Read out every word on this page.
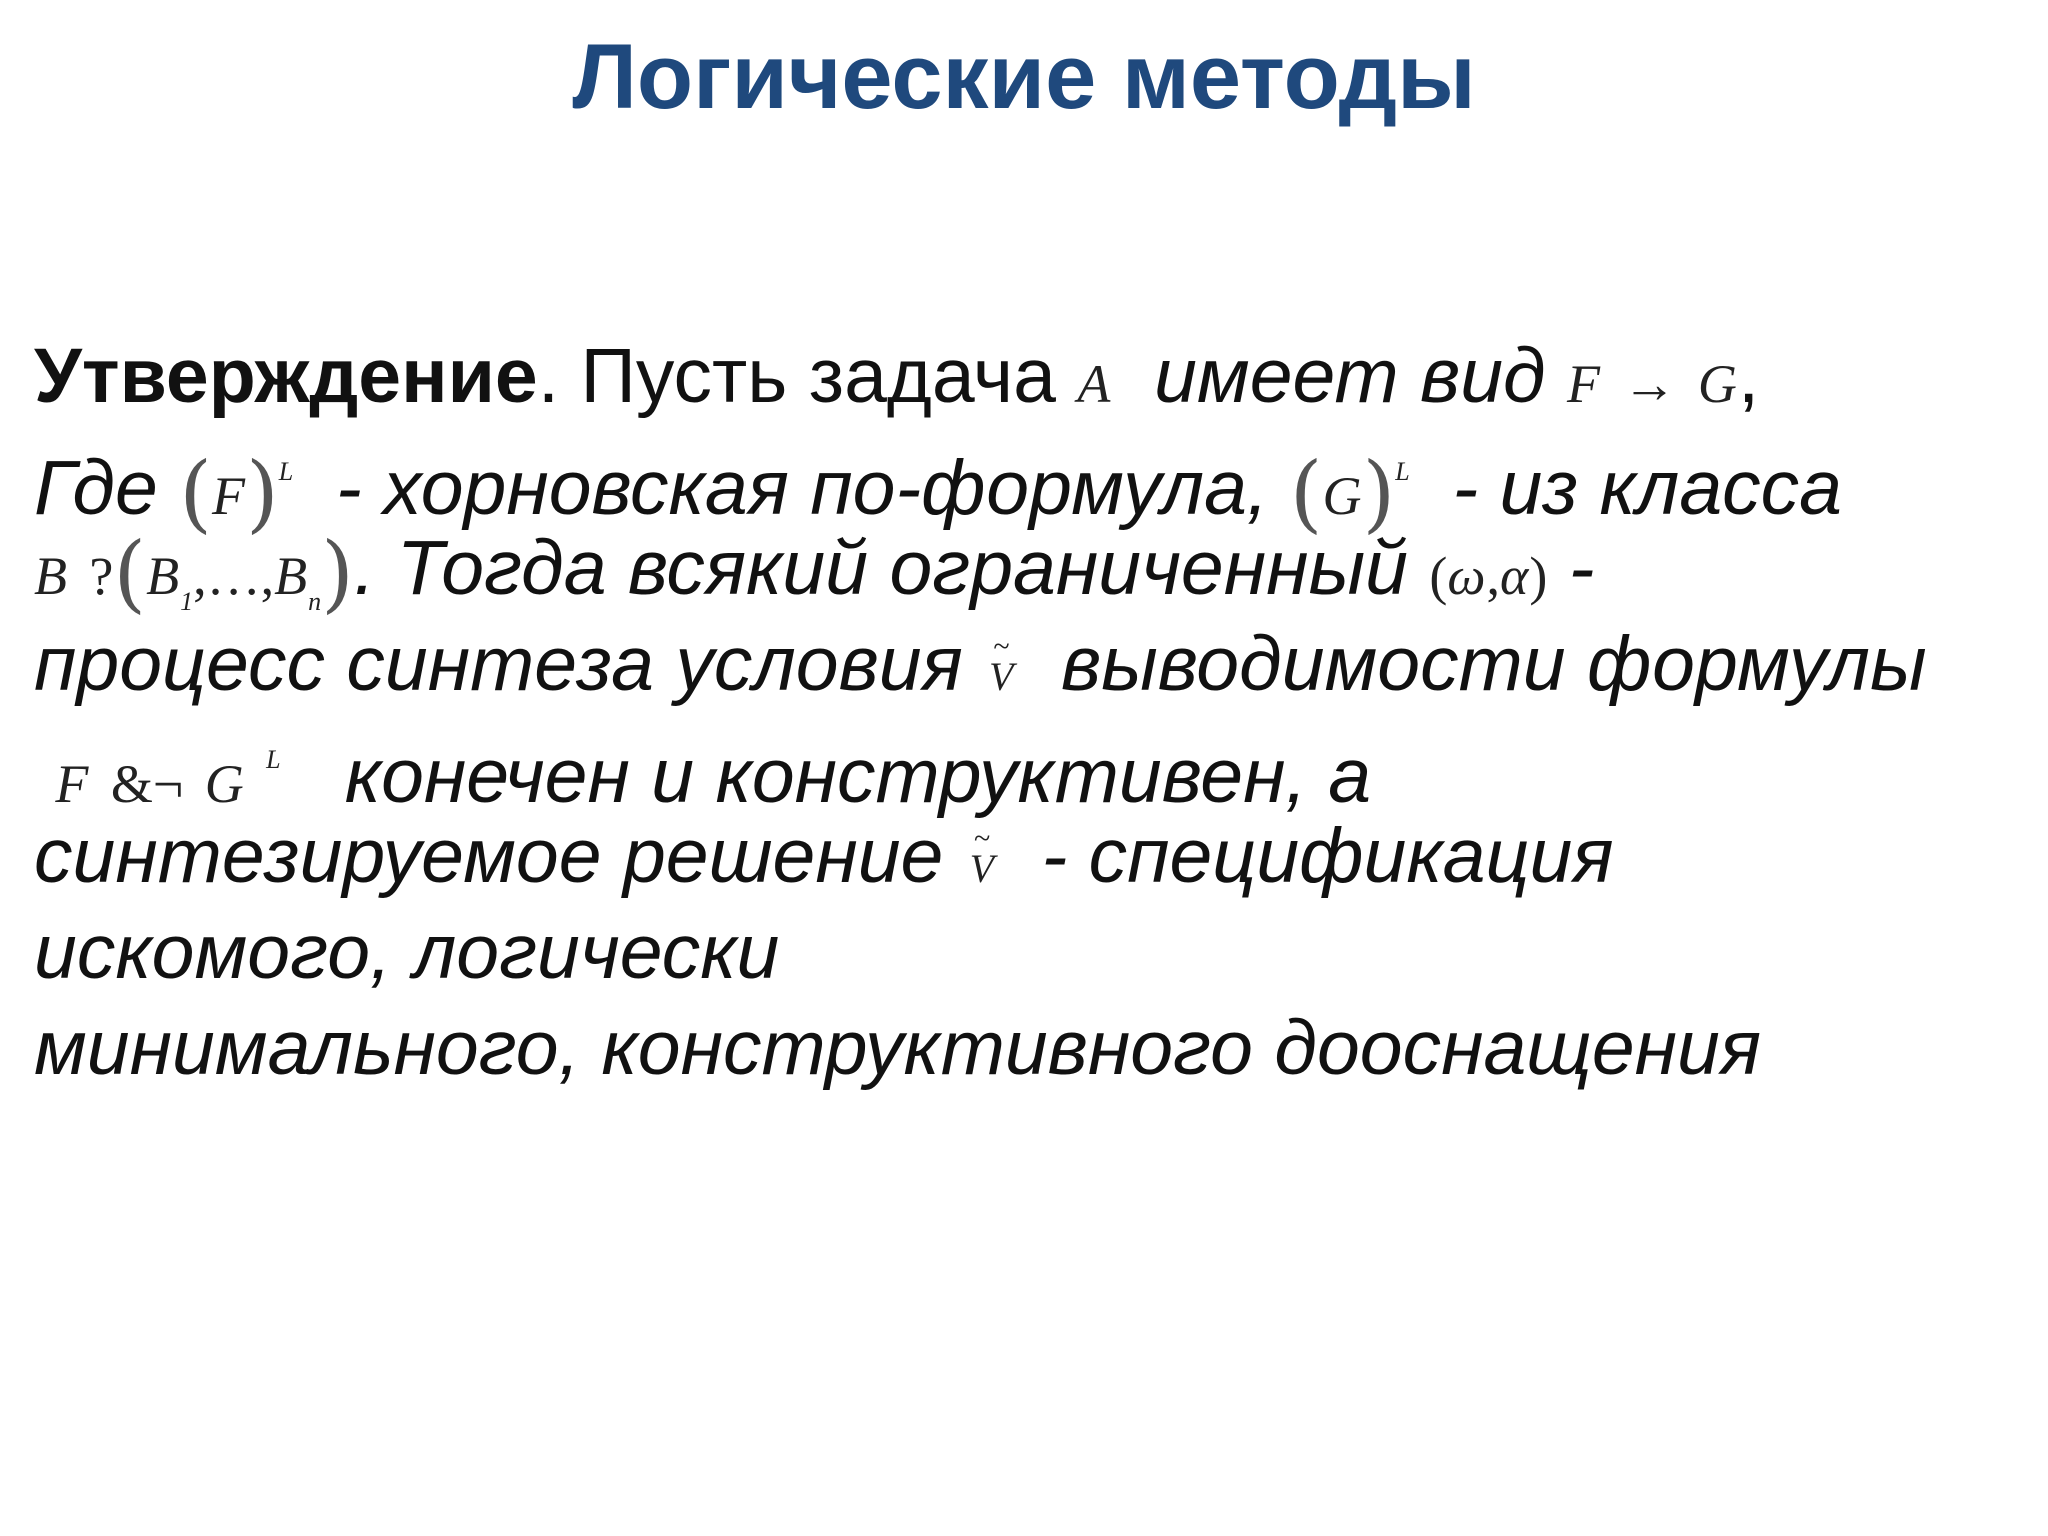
Логические методы
Утверждение. Пусть задача A имеет вид F → G,
Где $(F)^L$ - хорновская по-формула, $(G)^L$ - из класса
B $?(B_1,\dots,B_n)$. Тогда всякий ограниченный (ω,α) -
процесс синтеза условия ~
V выводимости формулы
F &¬ G $^L$ конечен и конструктивен, а
синтезируемое решение ~
V - спецификация
искомого, логически
минимального, конструктивного дооснащения
